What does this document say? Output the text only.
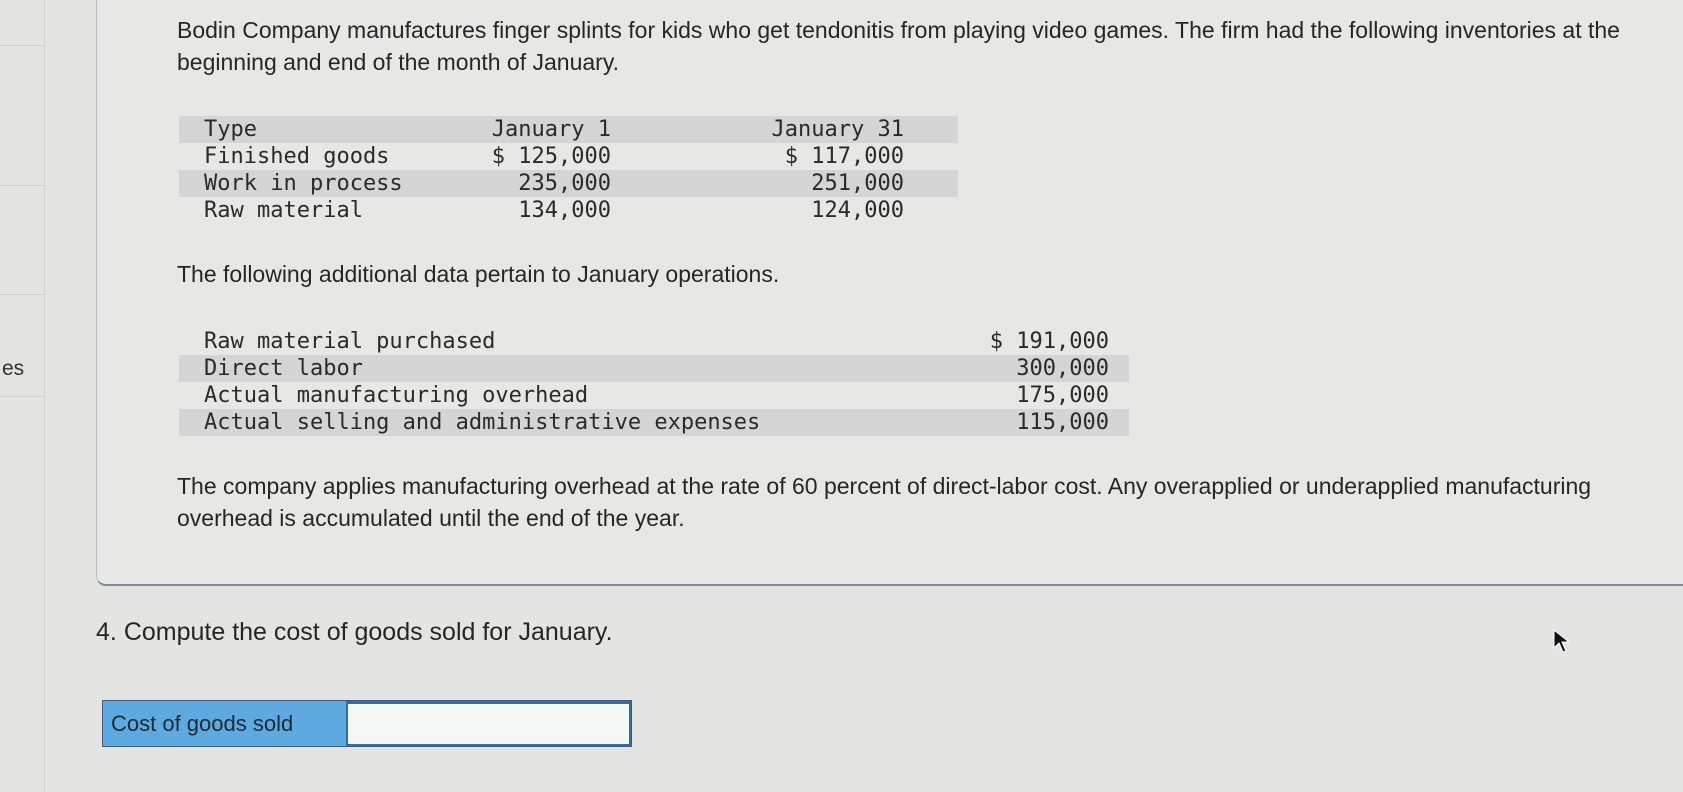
es
Bodin Company manufactures finger splints for kids who get tendonitis from playing video games. The firm had the following inventories at the beginning and end of the month of January.
Type	January 1	January 31
Finished goods	$ 125,000	$ 117,000
Work in process	235,000	251,000
Raw material	134,000	124,000
The following additional data pertain to January operations.
Raw material purchased	$ 191,000
Direct labor	300,000
Actual manufacturing overhead	175,000
Actual selling and administrative expenses	115,000
The company applies manufacturing overhead at the rate of 60 percent of direct-labor cost. Any overapplied or underapplied manufacturing overhead is accumulated until the end of the year.
4. Compute the cost of goods sold for January.
Cost of goods sold
